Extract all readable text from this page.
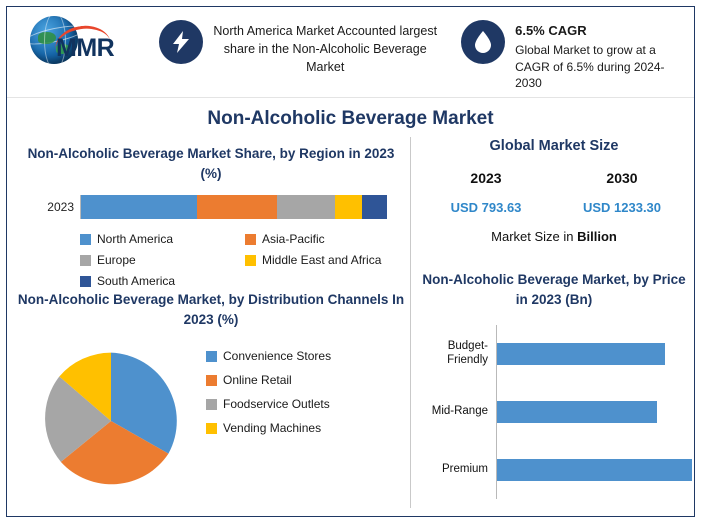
MMR
North America Market Accounted largest share in the Non-Alcoholic Beverage Market
6.5% CAGR
Global Market to grow at a CAGR of 6.5% during 2024-2030
Non-Alcoholic Beverage Market
Non-Alcoholic Beverage Market Share, by Region in 2023 (%)
2023
North America	Asia-Pacific
Europe	Middle East and Africa
South America
Non-Alcoholic Beverage Market, by Distribution Channels In 2023 (%)
Convenience Stores
Online Retail
Foodservice Outlets
Vending Machines
Global Market Size
2023
USD 793.63
2030
USD 1233.30
Market Size in Billion
Non-Alcoholic Beverage Market, by Price in 2023 (Bn)
Budget-Friendly
Mid-Range
Premium
